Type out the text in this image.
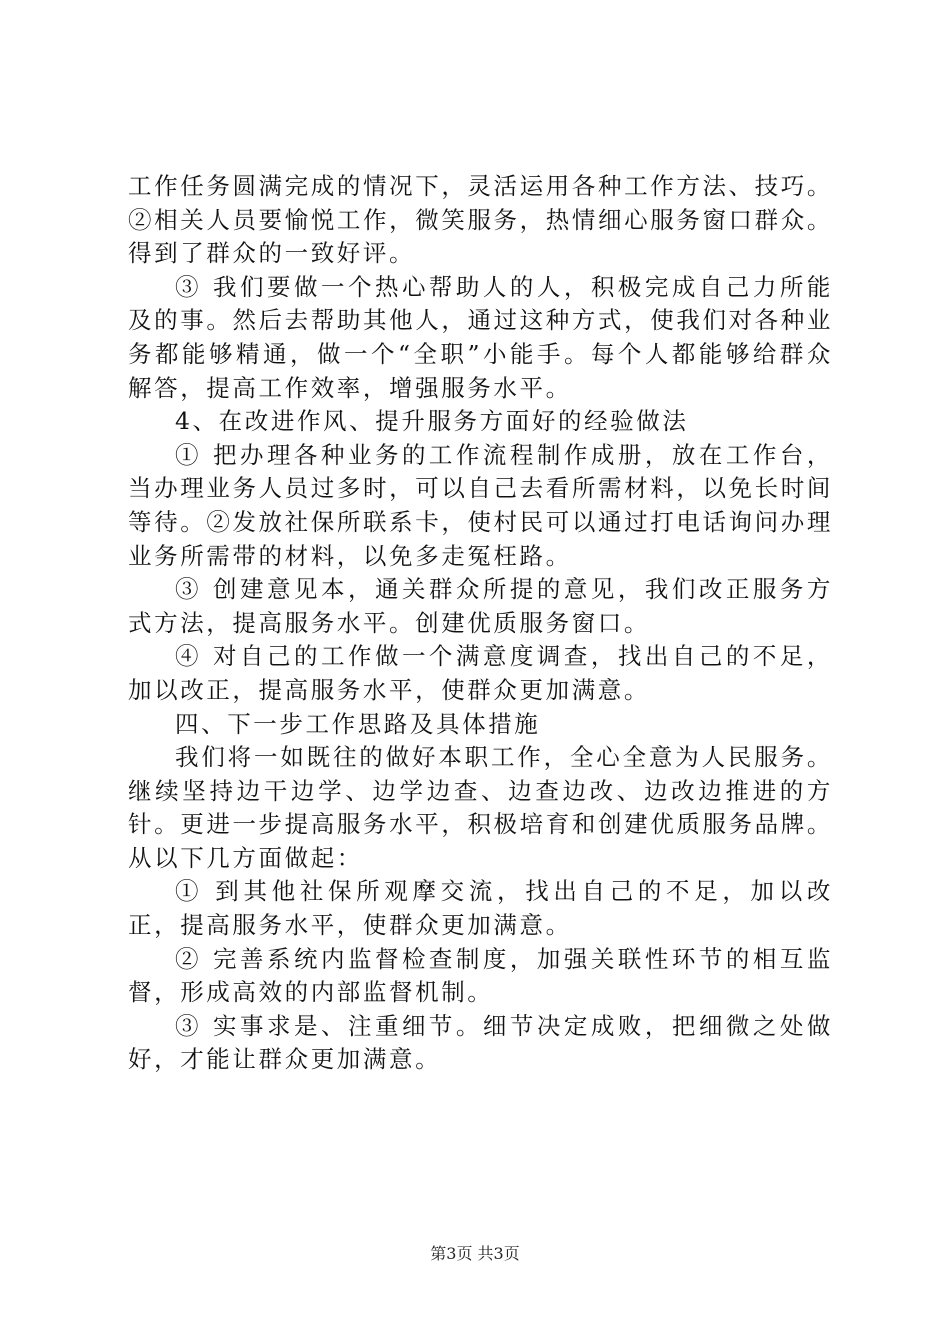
工作任务圆满完成的情况下，灵活运用各种工作方法、技巧。②相关人员要愉悦工作，微笑服务，热情细心服务窗口群众。得到了群众的一致好评。

③ 我们要做一个热心帮助人的人，积极完成自己力所能及的事。然后去帮助其他人，通过这种方式，使我们对各种业务都能够精通，做一个“全职”小能手。每个人都能够给群众解答，提高工作效率，增强服务水平。

4、在改进作风、提升服务方面好的经验做法

① 把办理各种业务的工作流程制作成册，放在工作台，当办理业务人员过多时，可以自己去看所需材料，以免长时间等待。②发放社保所联系卡，使村民可以通过打电话询问办理业务所需带的材料，以免多走冤枉路。

③ 创建意见本，通关群众所提的意见，我们改正服务方式方法，提高服务水平。创建优质服务窗口。

④ 对自己的工作做一个满意度调查，找出自己的不足，加以改正，提高服务水平，使群众更加满意。

四、下一步工作思路及具体措施

我们将一如既往的做好本职工作，全心全意为人民服务。继续坚持边干边学、边学边查、边查边改、边改边推进的方针。更进一步提高服务水平，积极培育和创建优质服务品牌。从以下几方面做起：

① 到其他社保所观摩交流，找出自己的不足，加以改正，提高服务水平，使群众更加满意。

② 完善系统内监督检查制度，加强关联性环节的相互监督，形成高效的内部监督机制。

③ 实事求是、注重细节。细节决定成败，把细微之处做好，才能让群众更加满意。

第3页 共3页
